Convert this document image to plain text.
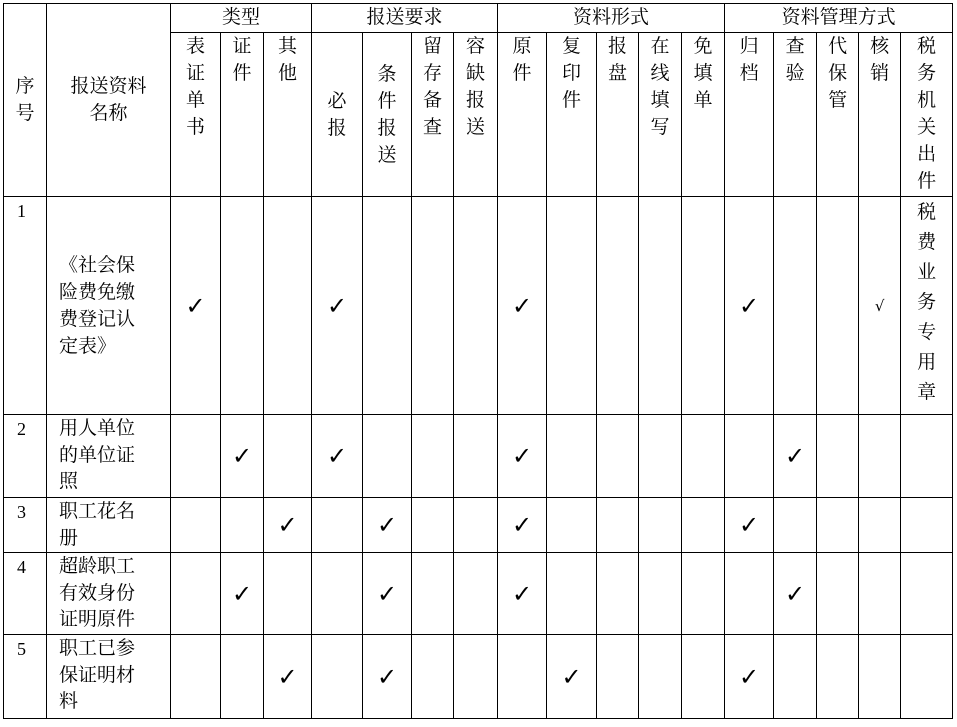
序号	报送资料名称	类型			报送要求				资料形式					资料管理方式				
		表证单书	证件	其他	必报	条件报送	留存备查	容缺报送	原件	复印件	报盘	在线填写	免填单	归档	查验	代保管	核销	税务机关出件
1	《社会保险费免缴费登记认定表》	✓			✓				✓					✓			√	税费业务专用章
2	用人单位的单位证照		✓		✓				✓						✓			
3	职工花名册			✓		✓			✓					✓				
4	超龄职工有效身份证明原件		✓			✓			✓						✓			
5	职工已参保证明材料			✓		✓				✓				✓				
